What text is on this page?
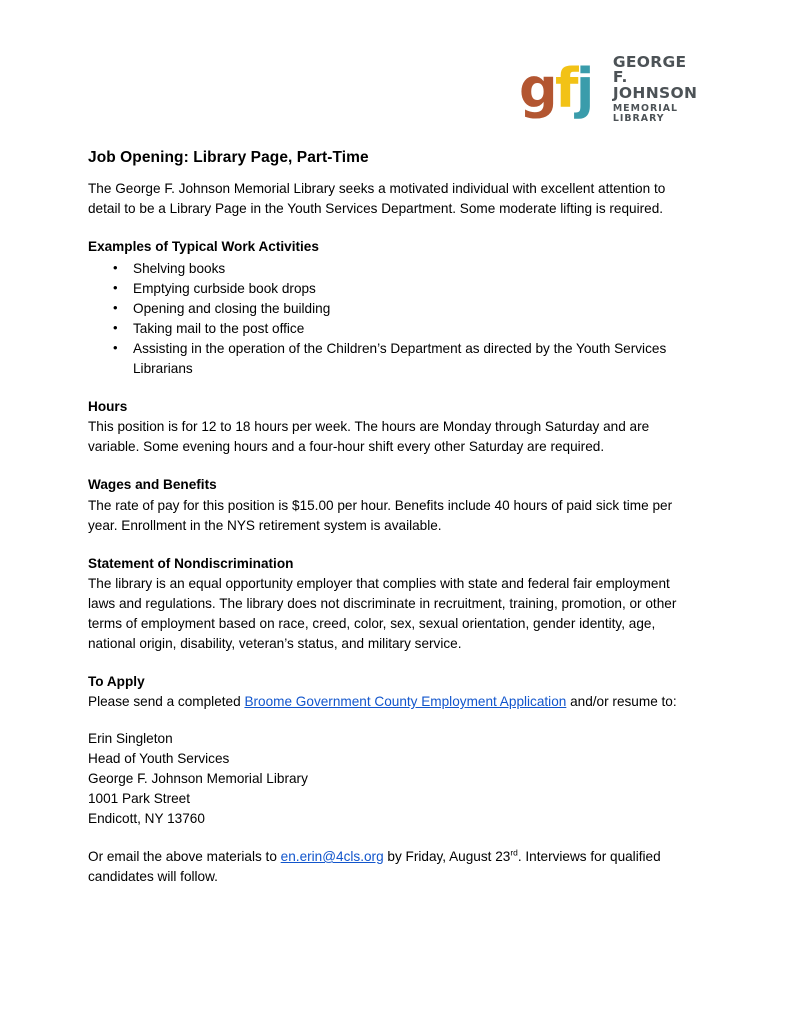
g f j GEORGE F.
JOHNSON
MEMORIAL LIBRARY
Job Opening: Library Page, Part-Time

The George F. Johnson Memorial Library seeks a motivated individual with excellent attention to detail to be a Library Page in the Youth Services Department. Some moderate lifting is required.

Examples of Typical Work Activities
• Shelving books
• Emptying curbside book drops
• Opening and closing the building
• Taking mail to the post office
• Assisting in the operation of the Children’s Department as directed by the Youth Services Librarians
Hours

This position is for 12 to 18 hours per week. The hours are Monday through Saturday and are variable. Some evening hours and a four-hour shift every other Saturday are required.

Wages and Benefits

The rate of pay for this position is $15.00 per hour. Benefits include 40 hours of paid sick time per year. Enrollment in the NYS retirement system is available.

Statement of Nondiscrimination

The library is an equal opportunity employer that complies with state and federal fair employment laws and regulations. The library does not discriminate in recruitment, training, promotion, or other terms of employment based on race, creed, color, sex, sexual orientation, gender identity, age, national origin, disability, veteran’s status, and military service.

To Apply

Please send a completed Broome Government County Employment Application and/or resume to:

Erin Singleton
Head of Youth Services
George F. Johnson Memorial Library
1001 Park Street
Endicott, NY 13760

Or email the above materials to en.erin@4cls.org by Friday, August 23rd. Interviews for qualified candidates will follow.
